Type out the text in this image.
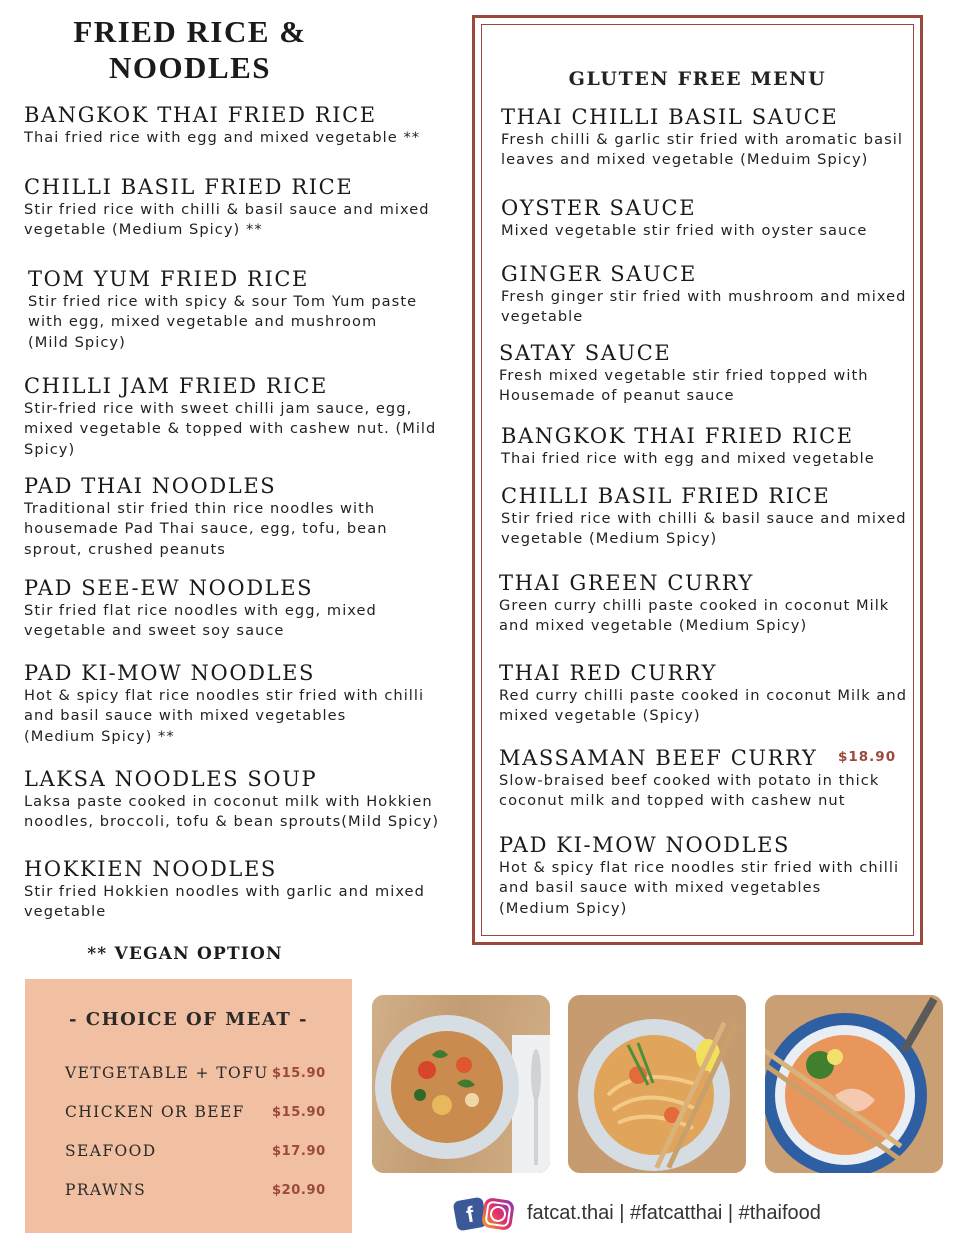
FRIED RICE &
NOODLES
BANGKOK THAI FRIED RICE

Thai fried rice with egg and mixed vegetable **

CHILLI BASIL FRIED RICE

Stir fried rice with chilli & basil sauce and mixed

vegetable (Medium Spicy) **

TOM YUM FRIED RICE

Stir fried rice with spicy & sour Tom Yum paste

with egg, mixed vegetable and mushroom

(Mild Spicy)

CHILLI JAM FRIED RICE

Stir-fried rice with sweet chilli jam sauce, egg,

mixed vegetable & topped with cashew nut. (Mild

Spicy)

PAD THAI NOODLES

Traditional stir fried thin rice noodles with

housemade Pad Thai sauce, egg, tofu, bean

sprout, crushed peanuts

PAD SEE-EW NOODLES

Stir fried flat rice noodles with egg, mixed

vegetable and sweet soy sauce

PAD KI-MOW NOODLES

Hot & spicy flat rice noodles stir fried with chilli

and basil sauce with mixed vegetables

(Medium Spicy) **

LAKSA NOODLES SOUP

Laksa paste cooked in coconut milk with Hokkien

noodles, broccoli, tofu & bean sprouts(Mild Spicy)

HOKKIEN NOODLES

Stir fried Hokkien noodles with garlic and mixed

vegetable

** VEGAN OPTION
GLUTEN FREE MENU
THAI CHILLI BASIL SAUCE

Fresh chilli & garlic stir fried with aromatic basil

leaves and mixed vegetable (Meduim Spicy)

OYSTER SAUCE

Mixed vegetable stir fried with oyster sauce

GINGER SAUCE

Fresh ginger stir fried with mushroom and mixed

vegetable

SATAY SAUCE

Fresh mixed vegetable stir fried topped with

Housemade of peanut sauce

BANGKOK THAI FRIED RICE

Thai fried rice with egg and mixed vegetable

CHILLI BASIL FRIED RICE

Stir fried rice with chilli & basil sauce and mixed

vegetable (Medium Spicy)

THAI GREEN CURRY

Green curry chilli paste cooked in coconut Milk

and mixed vegetable (Medium Spicy)

THAI RED CURRY

Red curry chilli paste cooked in coconut Milk and

mixed vegetable (Spicy)

MASSAMAN BEEF CURRY

Slow-braised beef cooked with potato in thick

coconut milk and topped with cashew nut

$18.90
PAD KI-MOW NOODLES

Hot & spicy flat rice noodles stir fried with chilli

and basil sauce with mixed vegetables

(Medium Spicy)

- CHOICE OF MEAT -
VETGETABLE + TOFU $15.90
CHICKEN OR BEEF $15.90
SEAFOOD	$17.90
PRAWNS	$20.90
f	fatcat.thai | #fatcatthai | #thaifood
